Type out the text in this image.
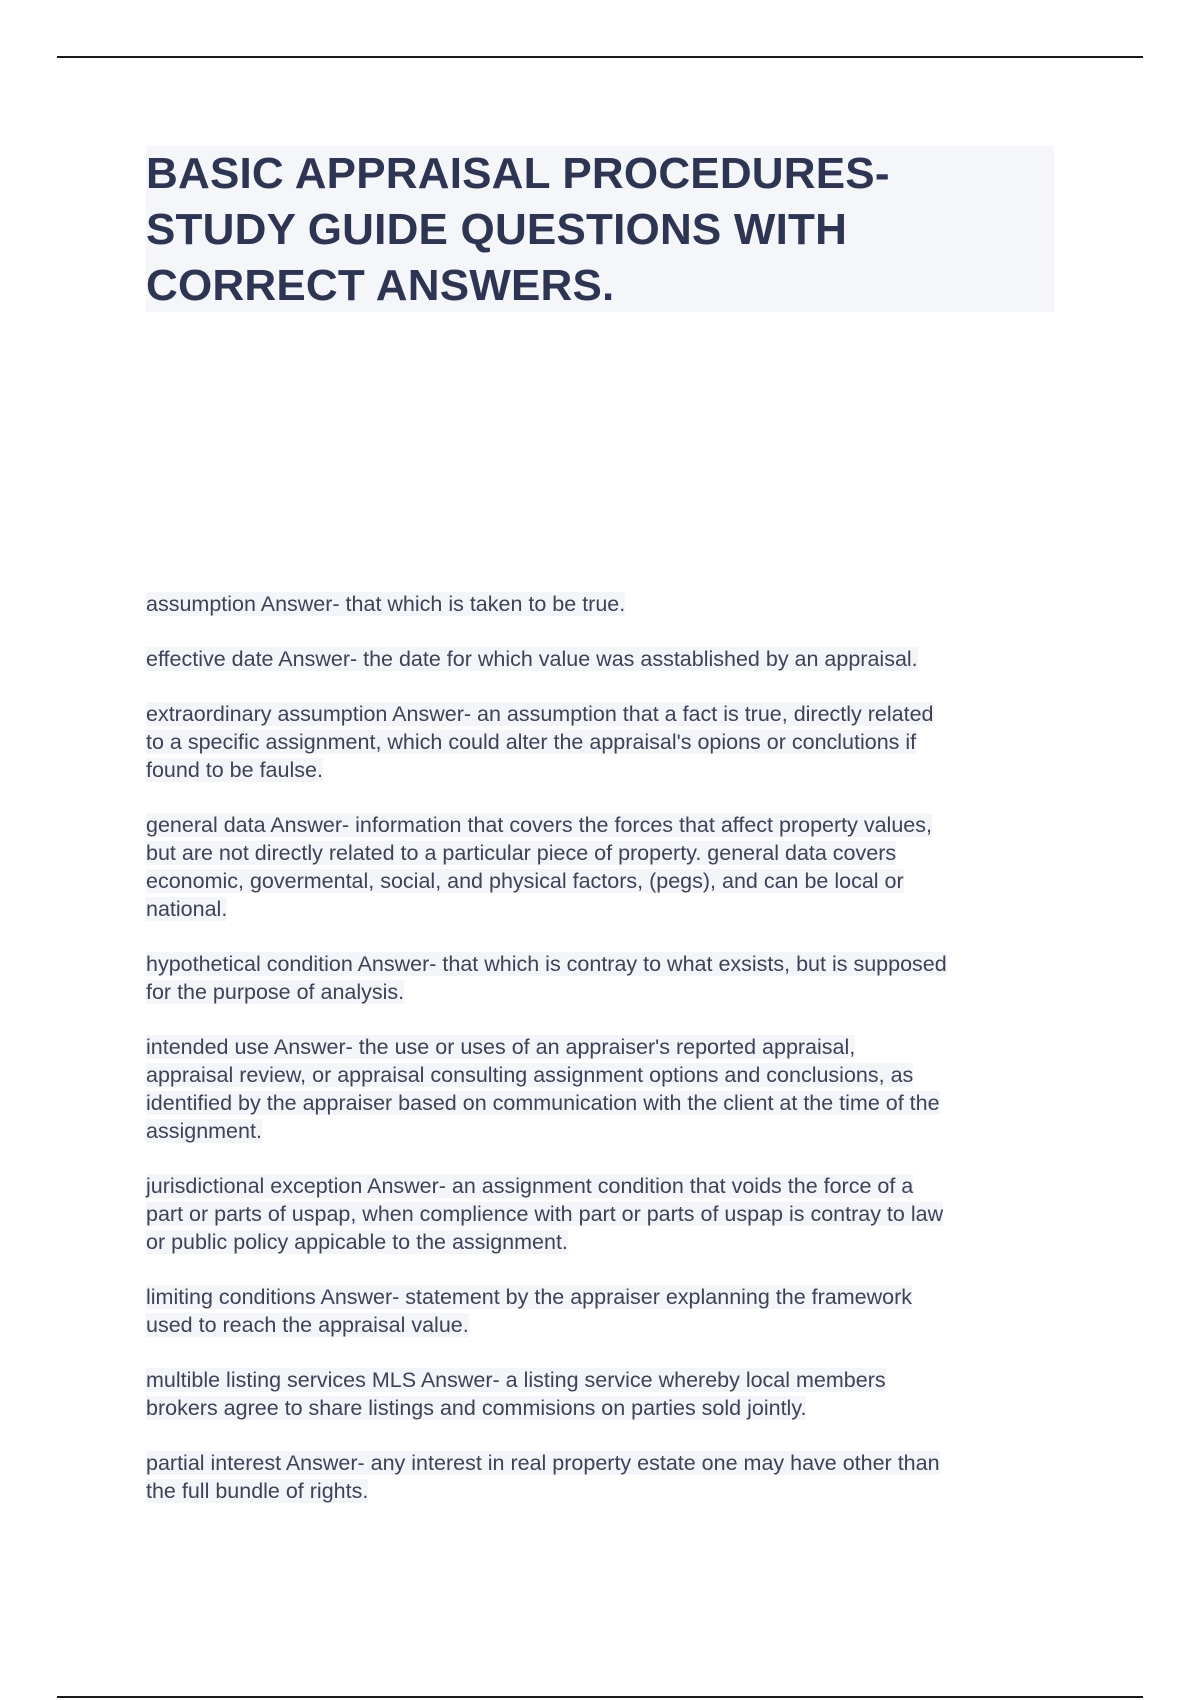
BASIC APPRAISAL PROCEDURES-
STUDY GUIDE QUESTIONS WITH
CORRECT ANSWERS.
assumption Answer- that which is taken to be true.
effective date Answer- the date for which value was asstablished by an appraisal.
extraordinary assumption Answer- an assumption that a fact is true, directly related
to a specific assignment, which could alter the appraisal's opions or conclutions if
found to be faulse.
general data Answer- information that covers the forces that affect property values,
but are not directly related to a particular piece of property. general data covers
economic, govermental, social, and physical factors, (pegs), and can be local or
national.
hypothetical condition Answer- that which is contray to what exsists, but is supposed
for the purpose of analysis.
intended use Answer- the use or uses of an appraiser's reported appraisal,
appraisal review, or appraisal consulting assignment options and conclusions, as
identified by the appraiser based on communication with the client at the time of the
assignment.
jurisdictional exception Answer- an assignment condition that voids the force of a
part or parts of uspap, when complience with part or parts of uspap is contray to law
or public policy appicable to the assignment.
limiting conditions Answer- statement by the appraiser explanning the framework
used to reach the appraisal value.
multible listing services MLS Answer- a listing service whereby local members
brokers agree to share listings and commisions on parties sold jointly.
partial interest Answer- any interest in real property estate one may have other than
the full bundle of rights.
